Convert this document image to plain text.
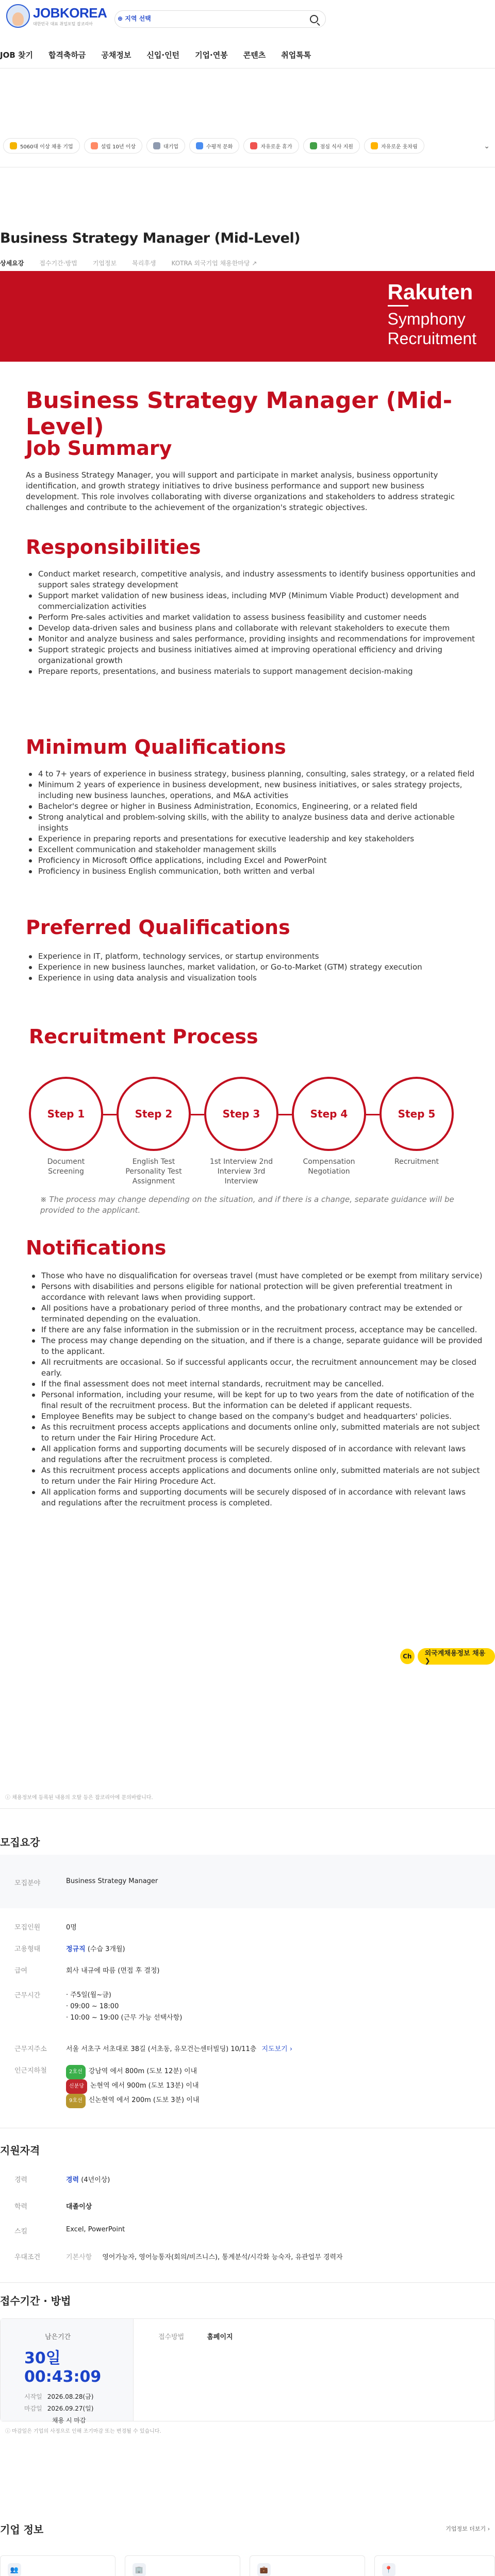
JOBKOREA
대한민국 대표 취업포털 잡코리아
⊕ 지역 선택
JOB 찾기 합격축하금 공채정보 신입·인턴 기업·연봉 콘텐츠 취업톡톡
5060대 이상 채용 기업	설립 10년 이상	대기업	수평적 문화	자유로운 휴가	점심 식사 지원	자유로운 옷차림	⌄
Business Strategy Manager (Mid-Level)
상세요강	접수기간·방법	기업정보	복리후생	KOTRA 외국기업 채용한마당 ↗
Rakuten
Symphony
Recruitment
Business Strategy Manager (Mid-Level)
Job Summary
As a Business Strategy Manager, you will support and participate in market analysis, business opportunity identification, and growth strategy initiatives to drive business performance and support new business development. This role involves collaborating with diverse organizations and stakeholders to address strategic challenges and contribute to the achievement of the organization's strategic objectives.
Responsibilities
Conduct market research, competitive analysis, and industry assessments to identify business opportunities and support sales strategy development
Support market validation of new business ideas, including MVP (Minimum Viable Product) development and commercialization activities
Perform Pre-sales activities and market validation to assess business feasibility and customer needs
Develop data-driven sales and business plans and collaborate with relevant stakeholders to execute them
Monitor and analyze business and sales performance, providing insights and recommendations for improvement
Support strategic projects and business initiatives aimed at improving operational efficiency and driving organizational growth
Prepare reports, presentations, and business materials to support management decision-making
Minimum Qualifications
4 to 7+ years of experience in business strategy, business planning, consulting, sales strategy, or a related field
Minimum 2 years of experience in business development, new business initiatives, or sales strategy projects, including new business launches, operations, and M&A activities
Bachelor's degree or higher in Business Administration, Economics, Engineering, or a related field
Strong analytical and problem-solving skills, with the ability to analyze business data and derive actionable insights
Experience in preparing reports and presentations for executive leadership and key stakeholders
Excellent communication and stakeholder management skills
Proficiency in Microsoft Office applications, including Excel and PowerPoint
Proficiency in business English communication, both written and verbal
Preferred Qualifications
Experience in IT, platform, technology services, or startup environments
Experience in new business launches, market validation, or Go-to-Market (GTM) strategy execution
Experience in using data analysis and visualization tools
Recruitment Process
Step 1
Document Screening
Step 2
English Test Personality Test Assignment
Step 3
1st Interview 2nd Interview 3rd Interview
Step 4
Compensation Negotiation
Step 5
Recruitment
※ The process may change depending on the situation, and if there is a change, separate guidance will be provided to the applicant.
Notifications
Those who have no disqualification for overseas travel (must have completed or be exempt from military service)
Persons with disabilities and persons eligible for national protection will be given preferential treatment in accordance with relevant laws when providing support.
All positions have a probationary period of three months, and the probationary contract may be extended or terminated depending on the evaluation.
If there are any false information in the submission or in the recruitment process, acceptance may be cancelled.
The process may change depending on the situation, and if there is a change, separate guidance will be provided to the applicant.
All recruitments are occasional. So if successful applicants occur, the recruitment announcement may be closed early.
If the final assessment does not meet internal standards, recruitment may be cancelled.
Personal information, including your resume, will be kept for up to two years from the date of notification of the final result of the recruitment process. But the information can be deleted if applicant requests.
Employee Benefits may be subject to change based on the company's budget and headquarters' policies.
As this recruitment process accepts applications and documents online only, submitted materials are not subject to return under the Fair Hiring Procedure Act.
All application forms and supporting documents will be securely disposed of in accordance with relevant laws and regulations after the recruitment process is completed.
As this recruitment process accepts applications and documents online only, submitted materials are not subject to return under the Fair Hiring Procedure Act.
All application forms and supporting documents will be securely disposed of in accordance with relevant laws and regulations after the recruitment process is completed.
Ch	외국계채용정보 채용 ❯
ⓘ 채용정보에 등록된 내용의 오탈 등은 잡코리아에 문의바랍니다.
모집요강
모집분야	Business Strategy Manager
모집인원	0명
고용형태	정규직 (수습 3개월)
급여	회사 내규에 따름 (면접 후 결정)
근무시간	· 주5일(월~금)
· 09:00 ~ 18:00
· 10:00 ~ 19:00 (근무 가능 선택사항)
근무지주소	서울 서초구 서초대로 38길 (서초동, 유모건는센터빌딩) 10/11층 지도보기 ›
인근지하철	2호선 강남역 에서 800m (도보 12분) 이내
신분당 논현역 에서 900m (도보 13분) 이내
9호선 신논현역 에서 200m (도보 3분) 이내
지원자격
경력	경력 (4년이상)
학력	대졸이상
스킬	Excel, PowerPoint
우대조건	기본사항 영어가능자, 영어능통자(회의/비즈니스), 통계분석/시각화 능숙자, 유관업무 경력자
접수기간 · 방법
남은기간
30일 00:43:09
시작일 2026.08.28(금)
마감일 2026.09.27(일)
채용 시 마감
접수방법	홈페이지
ⓘ 마감일은 기업의 사정으로 인해 조기마감 또는 변경될 수 있습니다.
기업 정보	기업정보 더보기 ›
👥	🏢	💼	📍
